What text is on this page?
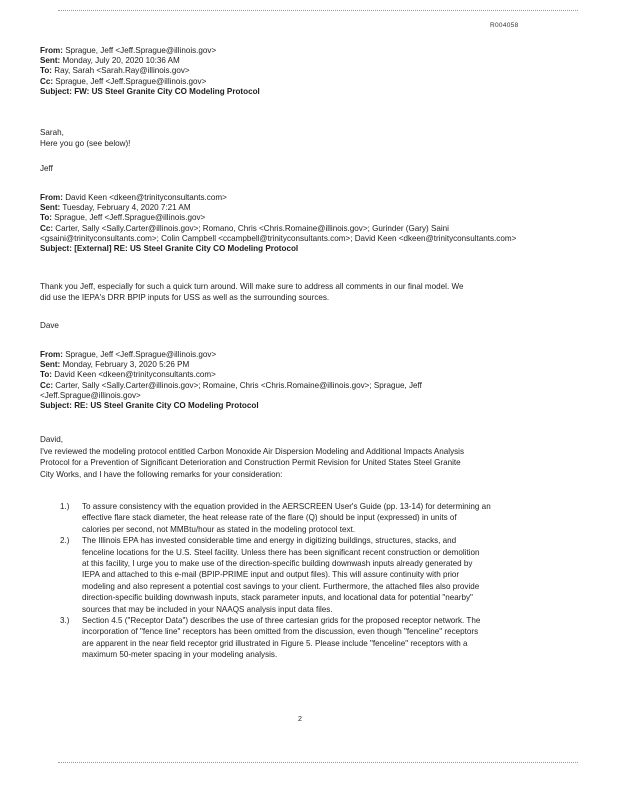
R004058
From: Sprague, Jeff <Jeff.Sprague@illinois.gov>
Sent: Monday, July 20, 2020 10:36 AM
To: Ray, Sarah <Sarah.Ray@illinois.gov>
Cc: Sprague, Jeff <Jeff.Sprague@illinois.gov>
Subject: FW: US Steel Granite City CO Modeling Protocol
Sarah,
Here you go (see below)!
Jeff
From: David Keen <dkeen@trinityconsultants.com>
Sent: Tuesday, February 4, 2020 7:21 AM
To: Sprague, Jeff <Jeff.Sprague@illinois.gov>
Cc: Carter, Sally <Sally.Carter@illinois.gov>; Romano, Chris <Chris.Romaine@illinois.gov>; Gurinder (Gary) Saini
<gsaini@trinityconsultants.com>; Colin Campbell <ccampbell@trinityconsultants.com>; David Keen <dkeen@trinityconsultants.com>
Subject: [External] RE: US Steel Granite City CO Modeling Protocol
Thank you Jeff, especially for such a quick turn around. Will make sure to address all comments in our final model. We
did use the IEPA's DRR BPIP inputs for USS as well as the surrounding sources.
Dave
From: Sprague, Jeff <Jeff.Sprague@illinois.gov>
Sent: Monday, February 3, 2020 5:26 PM
To: David Keen <dkeen@trinityconsultants.com>
Cc: Carter, Sally <Sally.Carter@illinois.gov>; Romaine, Chris <Chris.Romaine@illinois.gov>; Sprague, Jeff
<Jeff.Sprague@illinois.gov>
Subject: RE: US Steel Granite City CO Modeling Protocol
David,
I've reviewed the modeling protocol entitled Carbon Monoxide Air Dispersion Modeling and Additional Impacts Analysis
Protocol for a Prevention of Significant Deterioration and Construction Permit Revision for United States Steel Granite
City Works, and I have the following remarks for your consideration:
1.) To assure consistency with the equation provided in the AERSCREEN User's Guide (pp. 13-14) for determining an
effective flare stack diameter, the heat release rate of the flare (Q) should be input (expressed) in units of
calories per second, not MMBtu/hour as stated in the modeling protocol text.
2.) The Illinois EPA has invested considerable time and energy in digitizing buildings, structures, stacks, and
fenceline locations for the U.S. Steel facility. Unless there has been significant recent construction or demolition
at this facility, I urge you to make use of the direction-specific building downwash inputs already generated by
IEPA and attached to this e-mail (BPIP-PRIME input and output files). This will assure continuity with prior
modeling and also represent a potential cost savings to your client. Furthermore, the attached files also provide
direction-specific building downwash inputs, stack parameter inputs, and locational data for potential "nearby"
sources that may be included in your NAAQS analysis input data files.
3.) Section 4.5 ("Receptor Data") describes the use of three cartesian grids for the proposed receptor network. The
incorporation of "fence line" receptors has been omitted from the discussion, even though "fenceline" receptors
are apparent in the near field receptor grid illustrated in Figure 5. Please include "fenceline" receptors with a
maximum 50-meter spacing in your modeling analysis.
2
